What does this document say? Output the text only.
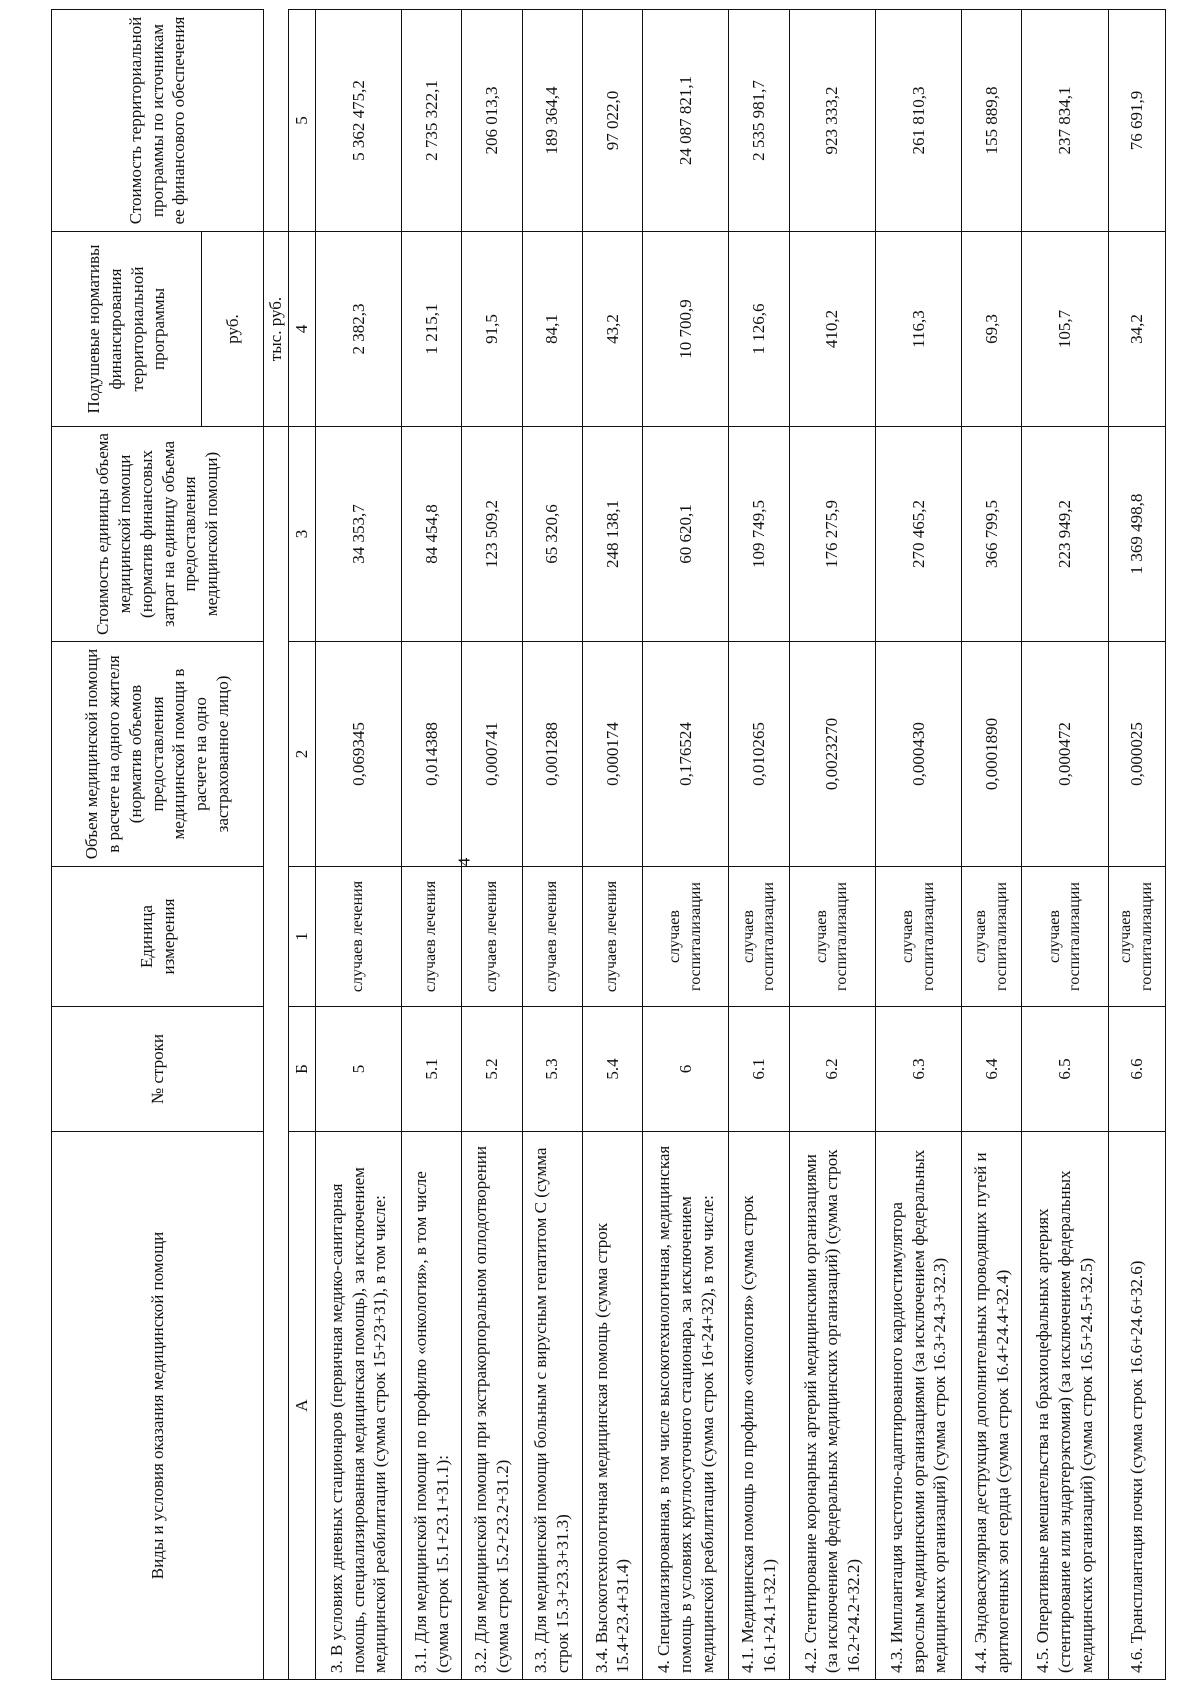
4
Виды и условия оказания медицинской помощи	№ строки	Единица измерения	Объем медицинской помощи в расчете на одного жителя (норматив объемов предоставления медицинской помощи в расчете на одно застрахованное лицо)	Стоимость единицы объема медицинской помощи (норматив финансовых затрат на единицу объема предоставления медицинской помощи)	Подушевые нормативы финансирования территориальной программы	Стоимость территориальной программы по источникам ее финансового обеспечения
					руб.	
					тыс. руб.	
А	Б	1	2	3	4	5
3. В условиях дневных стационаров (первичная медико-санитарная помощь, специализированная медицинская помощь), за исключением медицинской реабилитации (сумма строк 15+23+31), в том числе:	5	случаев лечения	0,069345	34 353,7	2 382,3	5 362 475,2
3.1. Для медицинской помощи по профилю «онкология», в том числе (сумма строк 15.1+23.1+31.1):	5.1	случаев лечения	0,014388	84 454,8	1 215,1	2 735 322,1
3.2. Для медицинской помощи при экстракорпоральном оплодотворении (сумма строк 15.2+23.2+31.2)	5.2	случаев лечения	0,000741	123 509,2	91,5	206 013,3
3.3. Для медицинской помощи больным с вирусным гепатитом С (сумма строк 15.3+23.3+31.3)	5.3	случаев лечения	0,001288	65 320,6	84,1	189 364,4
3.4. Высокотехнологичная медицинская помощь (сумма строк 15.4+23.4+31.4)	5.4	случаев лечения	0,000174	248 138,1	43,2	97 022,0
4. Специализированная, в том числе высокотехнологичная, медицинская помощь в условиях круглосуточного стационара, за исключением медицинской реабилитации (сумма строк 16+24+32), в том числе:	6	случаев госпитализации	0,176524	60 620,1	10 700,9	24 087 821,1
4.1. Медицинская помощь по профилю «онкология» (сумма строк 16.1+24.1+32.1)	6.1	случаев госпитализации	0,010265	109 749,5	1 126,6	2 535 981,7
4.2. Стентирование коронарных артерий медицинскими организациями (за исключением федеральных медицинских организаций) (сумма строк 16.2+24.2+32.2)	6.2	случаев госпитализации	0,0023270	176 275,9	410,2	923 333,2
4.3. Имплантация частотно-адаптированного кардиостимулятора взрослым медицинскими организациями (за исключением федеральных медицинских организаций) (сумма строк 16.3+24.3+32.3)	6.3	случаев госпитализации	0,000430	270 465,2	116,3	261 810,3
4.4. Эндоваскулярная деструкция дополнительных проводящих путей и аритмогенных зон сердца (сумма строк 16.4+24.4+32.4)	6.4	случаев госпитализации	0,0001890	366 799,5	69,3	155 889,8
4.5. Оперативные вмешательства на брахиоцефальных артериях (стентирование или эндартерэктомия) (за исключением федеральных медицинских организаций) (сумма строк 16.5+24.5+32.5)	6.5	случаев госпитализации	0,000472	223 949,2	105,7	237 834,1
4.6. Трансплантация почки (сумма строк 16.6+24.6+32.6)	6.6	случаев госпитализации	0,000025	1 369 498,8	34,2	76 691,9
